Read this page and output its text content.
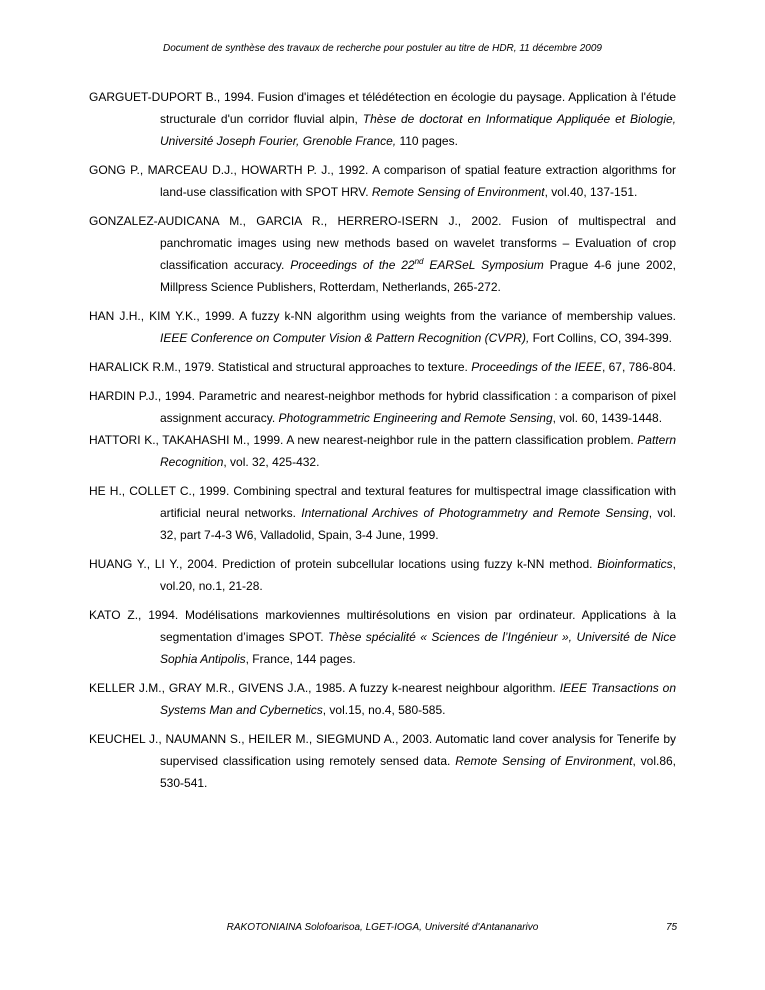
Document de synthèse des travaux de recherche pour postuler au titre de HDR, 11 décembre 2009

GARGUET-DUPORT B., 1994. Fusion d'images et télédétection en écologie du paysage. Application à l'étude structurale d'un corridor fluvial alpin, Thèse de doctorat en Informatique Appliquée et Biologie, Université Joseph Fourier, Grenoble France, 110 pages.

GONG P., MARCEAU D.J., HOWARTH P. J., 1992. A comparison of spatial feature extraction algorithms for land-use classification with SPOT HRV. Remote Sensing of Environment, vol.40, 137-151.

GONZALEZ-AUDICANA M., GARCIA R., HERRERO-ISERN J., 2002. Fusion of multispectral and panchromatic images using new methods based on wavelet transforms – Evaluation of crop classification accuracy. Proceedings of the 22nd EARSeL Symposium Prague 4-6 june 2002, Millpress Science Publishers, Rotterdam, Netherlands, 265-272.

HAN J.H., KIM Y.K., 1999. A fuzzy k-NN algorithm using weights from the variance of membership values. IEEE Conference on Computer Vision & Pattern Recognition (CVPR), Fort Collins, CO, 394-399.

HARALICK R.M., 1979. Statistical and structural approaches to texture. Proceedings of the IEEE, 67, 786-804.

HARDIN P.J., 1994. Parametric and nearest-neighbor methods for hybrid classification : a comparison of pixel assignment accuracy. Photogrammetric Engineering and Remote Sensing, vol. 60, 1439-1448.

HATTORI K., TAKAHASHI M., 1999. A new nearest-neighbor rule in the pattern classification problem. Pattern Recognition, vol. 32, 425-432.

HE H., COLLET C., 1999. Combining spectral and textural features for multispectral image classification with artificial neural networks. International Archives of Photogrammetry and Remote Sensing, vol. 32, part 7-4-3 W6, Valladolid, Spain, 3-4 June, 1999.

HUANG Y., LI Y., 2004. Prediction of protein subcellular locations using fuzzy k-NN method. Bioinformatics, vol.20, no.1, 21-28.

KATO Z., 1994. Modélisations markoviennes multirésolutions en vision par ordinateur. Applications à la segmentation d’images SPOT. Thèse spécialité « Sciences de l’Ingénieur », Université de Nice Sophia Antipolis, France, 144 pages.

KELLER J.M., GRAY M.R., GIVENS J.A., 1985. A fuzzy k-nearest neighbour algorithm. IEEE Transactions on Systems Man and Cybernetics, vol.15, no.4, 580-585.

KEUCHEL J., NAUMANN S., HEILER M., SIEGMUND A., 2003. Automatic land cover analysis for Tenerife by supervised classification using remotely sensed data. Remote Sensing of Environment, vol.86, 530-541.

RAKOTONIAINA Solofoarisoa, LGET-IOGA, Université d'Antananarivo	75
